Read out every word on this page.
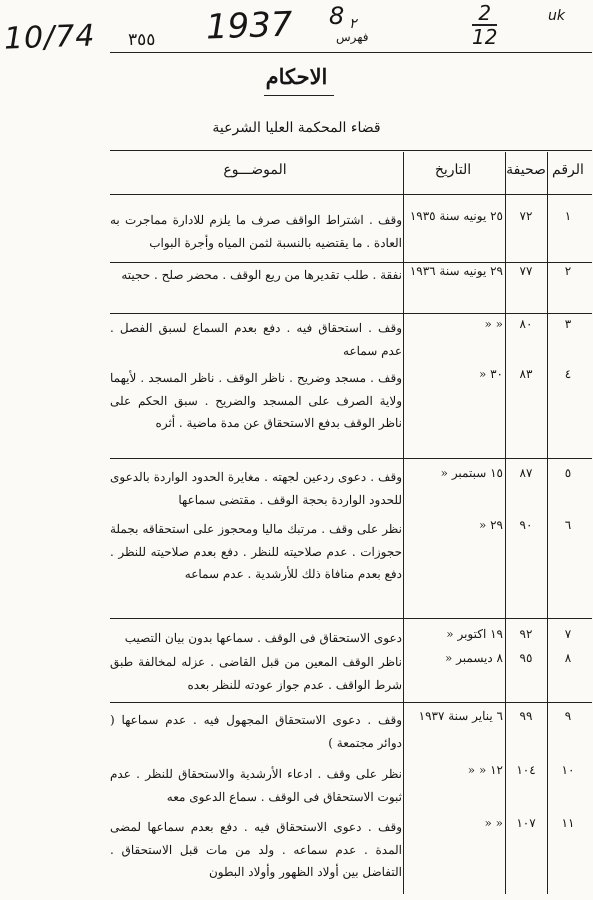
10/74 ٣٥٥ 1937 8 ٢
فهرس
2
12
uk
الاحكام
قضاء المحكمة العليا الشرعية
الرقم
صحيفة
التاريخ
الموضـــوع
١
٧٢
٢٥ يونيه سنة ١٩٣٥
وقف . اشتراط الواقف صرف ما يلزم للادارة مماجرت به العادة . ما يقتضيه بالنسبة لثمن المياه وأجرة البواب
٢
٧٧
٢٩ يونيه سنة ١٩٣٦
نفقة . طلب تقديرها من ريع الوقف . محضر صلح . حجيته
٣
٨٠
« «
وقف . استحقاق فيه . دفع بعدم السماع لسبق الفصل . عدم سماعه
٤
٨٣
٣٠ «
وقف . مسجد وضريح . ناظر الوقف . ناظر المسجد . لأيهما ولاية الصرف على المسجد والضريح . سبق الحكم على ناظر الوقف بدفع الاستحقاق عن مدة ماضية . أثره
٥
٨٧
١٥ سبتمبر «
وقف . دعوى ردعين لجهته . مغايرة الحدود الواردة بالدعوى للحدود الواردة بحجة الوقف . مقتضى سماعها
٦
٩٠
٢٩ «
نظر على وقف . مرتبك ماليا ومحجوز على استحقاقه بجملة حجوزات . عدم صلاحيته للنظر . دفع بعدم صلاحيته للنظر . دفع بعدم منافاة ذلك للأرشدية . عدم سماعه
٧
٩٢
١٩ اكتوبر «
دعوى الاستحقاق فى الوقف . سماعها بدون بيان التصيب
٨
٩٥
٨ ديسمبر «
ناظر الوقف المعين من قبل القاضى . عزله لمخالفة طبق شرط الواقف . عدم جواز عودته للنظر بعده
٩
٩٩
٦ يناير سنة ١٩٣٧
وقف . دعوى الاستحقاق المجهول فيه . عدم سماعها ( دوائر مجتمعة )
١٠
١٠٤
١٢ « «
نظر على وقف . ادعاء الأرشدية والاستحقاق للنظر . عدم ثبوت الاستحقاق فى الوقف . سماع الدعوى معه
١١
١٠٧
« «
وقف . دعوى الاستحقاق فيه . دفع بعدم سماعها لمضى المدة . عدم سماعه . ولد من مات قبل الاستحقاق . التفاضل بين أولاد الظهور وأولاد البطون
